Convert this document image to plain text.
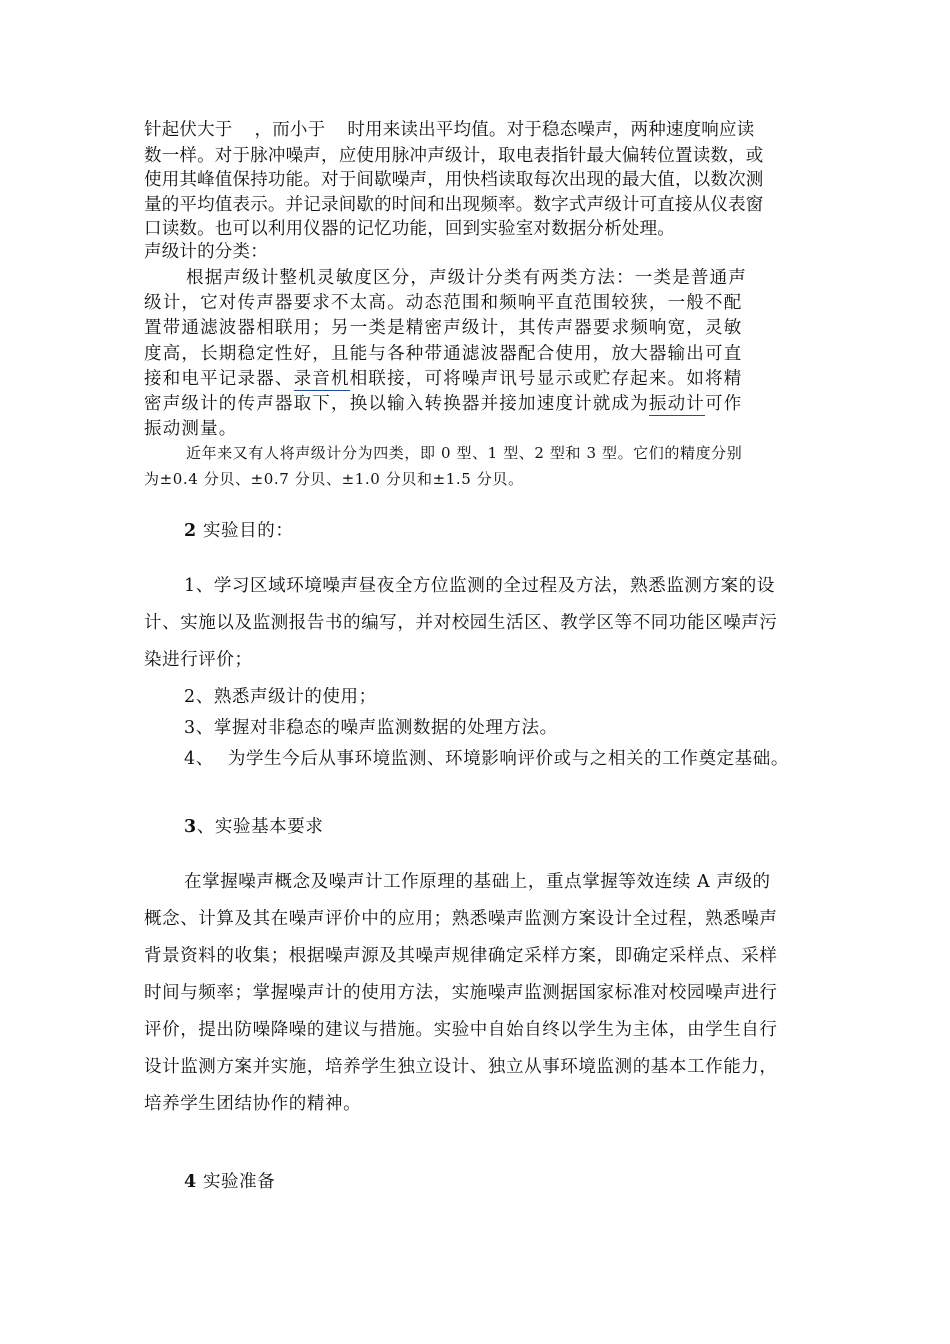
针起伏大于 ，而小于 时用来读出平均值。对于稳态噪声，两种速度响应读
数一样。对于脉冲噪声，应使用脉冲声级计，取电表指针最大偏转位置读数，或
使用其峰值保持功能。对于间歇噪声，用快档读取每次出现的最大值，以数次测
量的平均值表示。并记录间歇的时间和出现频率。数字式声级计可直接从仪表窗
口读数。也可以利用仪器的记忆功能，回到实验室对数据分析处理。
声级计的分类：
根据声级计整机灵敏度区分，声级计分类有两类方法：一类是普通声
级计，它对传声器要求不太高。动态范围和频响平直范围较狭，一般不配
置带通滤波器相联用；另一类是精密声级计，其传声器要求频响宽，灵敏
度高，长期稳定性好，且能与各种带通滤波器配合使用，放大器输出可直
接和电平记录器、录音机相联接，可将噪声讯号显示或贮存起来。如将精
密声级计的传声器取下，换以输入转换器并接加速度计就成为振动计可作
振动测量。
近年来又有人将声级计分为四类，即 0 型、1 型、2 型和 3 型。它们的精度分别
为±0.4 分贝、±0.7 分贝、±1.0 分贝和±1.5 分贝。
2 实验目的：
1、学习区域环境噪声昼夜全方位监测的全过程及方法，熟悉监测方案的设
计、实施以及监测报告书的编写，并对校园生活区、教学区等不同功能区噪声污
染进行评价；
2、熟悉声级计的使用；
3、掌握对非稳态的噪声监测数据的处理方法。
4、 为学生今后从事环境监测、环境影响评价或与之相关的工作奠定基础。
3、实验基本要求
在掌握噪声概念及噪声计工作原理的基础上，重点掌握等效连续 A 声级的
概念、计算及其在噪声评价中的应用；熟悉噪声监测方案设计全过程，熟悉噪声
背景资料的收集；根据噪声源及其噪声规律确定采样方案，即确定采样点、采样
时间与频率；掌握噪声计的使用方法，实施噪声监测据国家标准对校园噪声进行
评价，提出防噪降噪的建议与措施。实验中自始自终以学生为主体，由学生自行
设计监测方案并实施，培养学生独立设计、独立从事环境监测的基本工作能力，
培养学生团结协作的精神。
4 实验准备
